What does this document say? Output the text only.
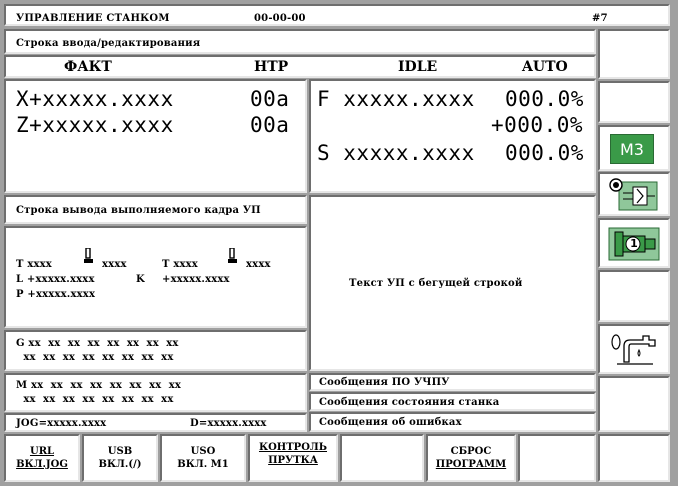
УПРАВЛЕНИЕ СТАНКОМ	00-00-00	#7
Строка ввода/редактирования
ФАКТ	НТР	IDLE	AUTO
X+xxxxx.xxxx	00a
Z+xxxxx.xxxx	00a
F xxxxx.xxxx 000.0%
+000.0%
S xxxxx.xxxx 000.0%
Строка вывода выполняемого кадра УП
T xxxx	xxxx	T xxxx	xxxx
L +xxxxx.xxxx	K +xxxxx.xxxx
P +xxxxx.xxxx
Текст УП с бегущей строкой
G xx  xx  xx  xx  xx  xx  xx  xx
xx  xx  xx  xx  xx  xx  xx  xx
M xx  xx  xx  xx  xx  xx  xx  xx
xx  xx  xx  xx  xx  xx  xx  xx
JOG=xxxxx.xxxx	D=xxxxx.xxxx
Сообщения ПО УЧПУ
Сообщения состояния станка
Сообщения об ошибках
M3
1
URL
ВКЛ.JOG
USB
ВКЛ.(/)
USO
ВКЛ. M1
КОНТРОЛЬ
ПРУТКА
СБРОС
ПРОГРАММ
